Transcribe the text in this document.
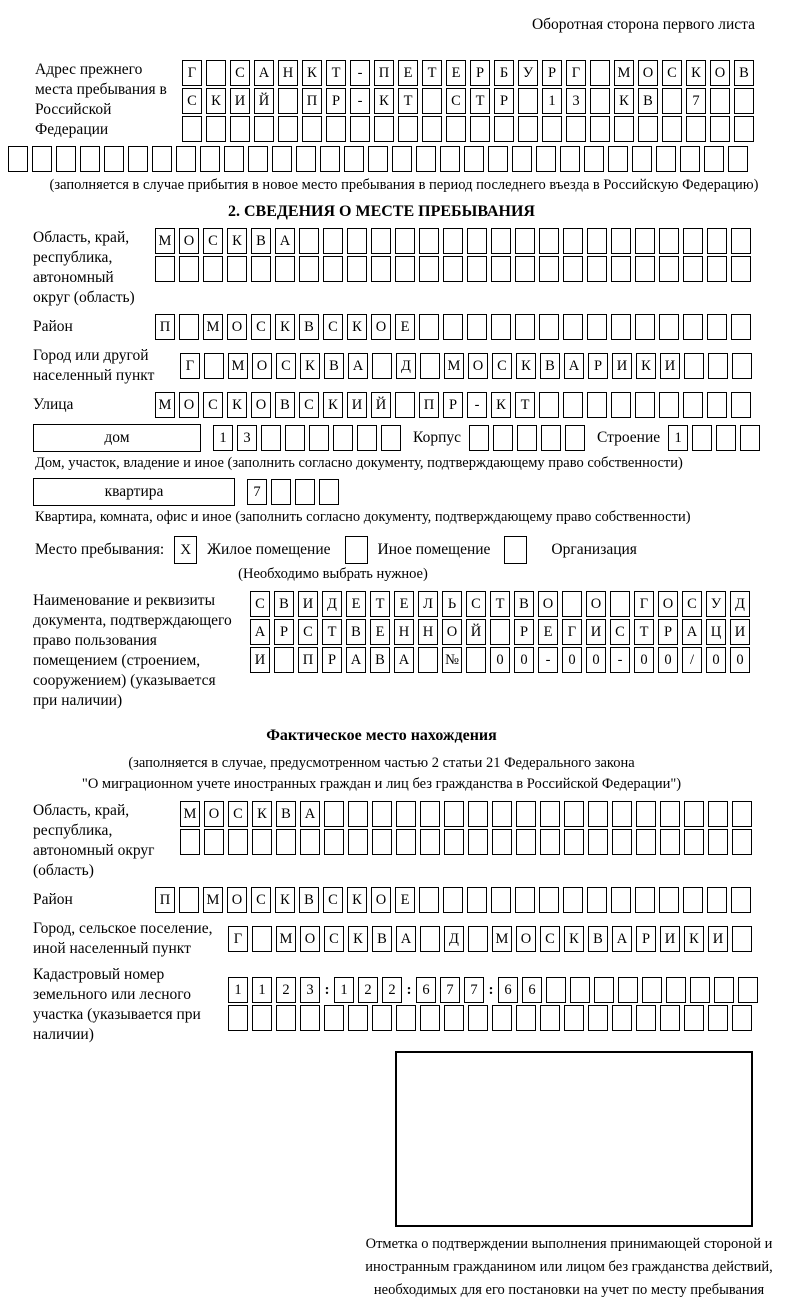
Оборотная сторона первого листа
Адрес прежнего места пребывания в Российской Федерации
Г	С А Н К	Т	-	П Е	Т	Е	Р	Б	У	Р	Г	М О С К О В
С К И Й	П	Р	-	К	Т	С	Т	Р	1	3	К В	7
(заполняется в случае прибытия в новое место пребывания в период последнего въезда в Российскую Федерацию)
2. СВЕДЕНИЯ О МЕСТЕ ПРЕБЫВАНИЯ
Область, край, республика, автономный округ (область)
М О С К В А
Район	П	М О С К В С К О Е
Город или другой населенный пункт
Г	М О С К В А	Д	М О С К В А	Р	И К И
Улица	М О С К О В С К И Й	П	Р	-	К	Т
дом	1	3	Корпус	Строение 1
Дом, участок, владение и иное (заполнить согласно документу, подтверждающему право собственности)
квартира	7
Квартира, комната, офис и иное (заполнить согласно документу, подтверждающему право собственности)
Место пребывания:	X	Жилое помещение	Иное помещение	Организация
(Необходимо выбрать нужное)
Наименование и реквизиты документа, подтверждающего право пользования помещением (строением, сооружением) (указывается при наличии)
С В И Д	Е	Т	Е	Л	Ь	С	Т	В О	О	Г	О С У Д
А	Р	С	Т	В	Е Н Н О Й	Р	Е	Г	И С	Т	Р	А Ц И
И	П	Р	А В А	№	0	0	-	0	0	-	0	0	/	0	0
Фактическое место нахождения
(заполняется в случае, предусмотренном частью 2 статьи 21 Федерального закона
"О миграционном учете иностранных граждан и лиц без гражданства в Российской Федерации")
Область, край, республика, автономный округ (область)
М О С К В А
Район	П	М О С К В С К О Е
Город, сельское поселение, иной населенный пункт
Г	М О С К В А	Д	М О С К В А	Р	И К И
Кадастровый номер земельного или лесного участка (указывается при наличии)
1	1	2	3 : 1	2	2 : 6	7	7 : 6	6
Отметка о подтверждении выполнения принимающей стороной и иностранным гражданином или лицом без гражданства действий, необходимых для его постановки на учет по месту пребывания
